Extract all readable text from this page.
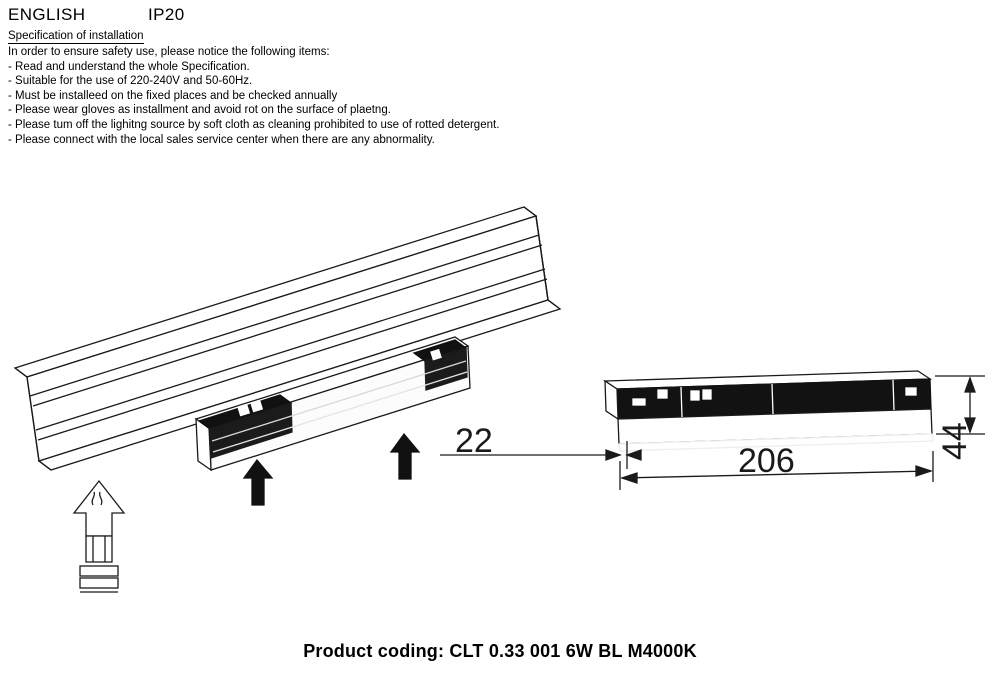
ENGLISH	IP20
Specification of installation
In order to ensure safety use, please notice the following items:
- Read and understand the whole Specification.
- Suitable for the use of 220-240V and 50-60Hz.
- Must be installeed on the fixed places and be checked annually
- Please wear gloves as installment and avoid rot on the surface of plaetng.
- Please tum off the lighitng source by soft cloth as cleaning prohibited to use of rotted detergent.
- Please connect with the local sales service center when there are any abnormality.
22
206
44
Product coding: CLT 0.33 001 6W BL M4000K
